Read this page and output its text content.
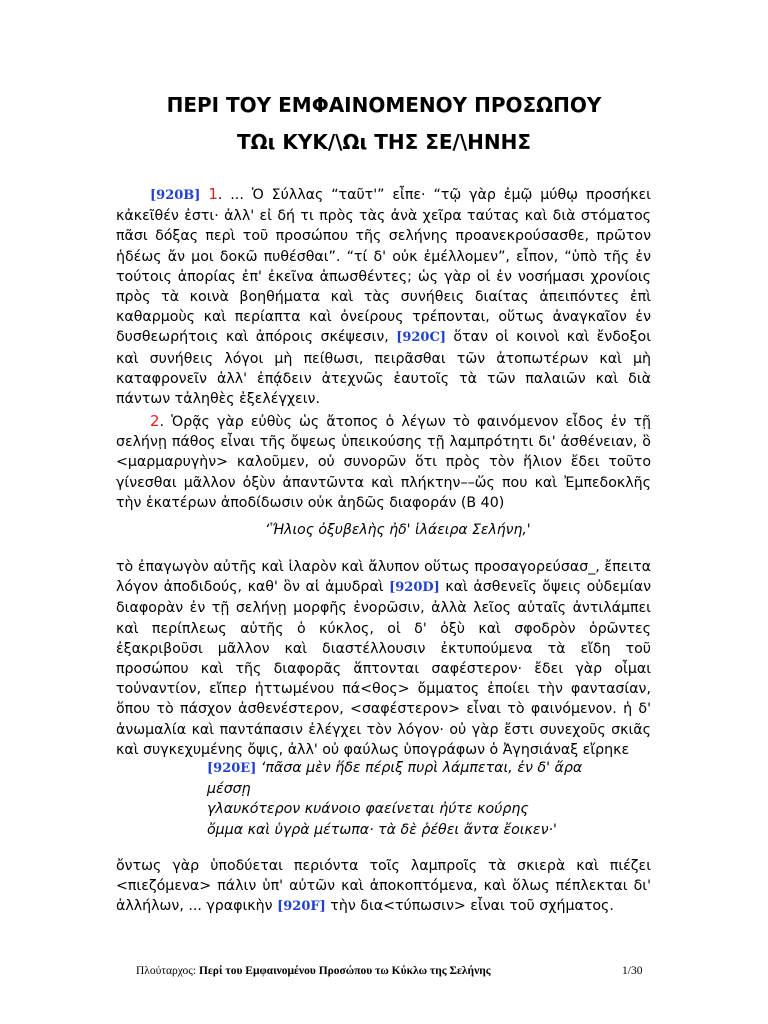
ΠΕΡΙ ΤΟΥ ΕΜΦΑΙΝΟΜΕΝΟΥ ΠΡΟΣΩΠΟΥ
ΤΩι ΚΥΚ/\Ωι ΤΗΣ ΣΕ/\ΗΝΗΣ
[920B] 1. ... Ὁ Σύλλας “ταῦτ'” εἶπε· “τῷ γὰρ ἐμῷ μύθῳ προσήκει κἀκεῖθέν ἐστι· ἀλλ' εἰ δή τι πρὸς τὰς ἀνὰ χεῖρα ταύτας καὶ διὰ στόματος πᾶσι δόξας περὶ τοῦ προσώπου τῆς σελήνης προανεκρούσασθε, πρῶτον ἡδέως ἄν μοι δοκῶ πυθέσθαι”. “τί δ' οὐκ ἐμέλλομεν”, εἶπον, “ὑπὸ τῆς ἐν τούτοις ἀπορίας ἐπ' ἐκεῖνα ἀπωσθέντες; ὡς γὰρ οἱ ἐν νοσήμασι χρονίοις πρὸς τὰ κοινὰ βοηθήματα καὶ τὰς συνήθεις διαίτας ἀπειπόντες ἐπὶ καθαρμοὺς καὶ περίαπτα καὶ ὀνείρους τρέπονται, οὕτως ἀναγκαῖον ἐν δυσθεωρήτοις καὶ ἀπόροις σκέψεσιν, [920C] ὅταν οἱ κοινοὶ καὶ ἔνδοξοι καὶ συνήθεις λόγοι μὴ πείθωσι, πειρᾶσθαι τῶν ἀτοπωτέρων καὶ μὴ καταφρονεῖν ἀλλ' ἐπᾴδειν ἀτεχνῶς ἑαυτοῖς τὰ τῶν παλαιῶν καὶ διὰ πάντων τἀληθὲς ἐξελέγχειν.
2. Ὁρᾷς γὰρ εὐθὺς ὡς ἄτοπος ὁ λέγων τὸ φαινόμενον εἶδος ἐν τῇ σελήνῃ πάθος εἶναι τῆς ὄψεως ὑπεικούσης τῇ λαμπρότητι δι' ἀσθένειαν, ὃ <μαρμαρυγὴν> καλοῦμεν, οὐ συνορῶν ὅτι πρὸς τὸν ἥλιον ἔδει τοῦτο γίνεσθαι μᾶλλον ὀξὺν ἀπαντῶντα καὶ πλήκτην––ὥς που καὶ Ἐμπεδοκλῆς τὴν ἑκατέρων ἀποδίδωσιν οὐκ ἀηδῶς διαφοράν (B 40)
‘Ἥλιος ὀξυβελὴς ἠδ' ἱλάειρα Σελήνη,'
τὸ ἐπαγωγὸν αὐτῆς καὶ ἱλαρὸν καὶ ἄλυπον οὕτως προσαγορεύσασ_, ἔπειτα λόγον ἀποδιδούς, καθ' ὃν αἱ ἀμυδραὶ [920D] καὶ ἀσθενεῖς ὄψεις οὐδεμίαν διαφορὰν ἐν τῇ σελήνῃ μορφῆς ἐνορῶσιν, ἀλλὰ λεῖος αὐταῖς ἀντιλάμπει καὶ περίπλεως αὐτῆς ὁ κύκλος, οἱ δ' ὀξὺ καὶ σφοδρὸν ὁρῶντες ἐξακριβοῦσι μᾶλλον καὶ διαστέλλουσιν ἐκτυπούμενα τὰ εἴδη τοῦ προσώπου καὶ τῆς διαφορᾶς ἅπτονται σαφέστερον· ἔδει γὰρ οἶμαι τοὐναντίον, εἴπερ ἡττωμένου πά<θος> ὄμματος ἐποίει τὴν φαντασίαν, ὅπου τὸ πάσχον ἀσθενέστερον, <σαφέστερον> εἶναι τὸ φαινόμενον. ἡ δ' ἀνωμαλία καὶ παντάπασιν ἐλέγχει τὸν λόγον· οὐ γὰρ ἔστι συνεχοῦς σκιᾶς καὶ συγκεχυμένης ὄψις, ἀλλ' οὐ φαύλως ὑπογράφων ὁ Ἀγησιάναξ εἴρηκε
[920E] ‘πᾶσα μὲν ἥδε πέριξ πυρὶ λάμπεται, ἐν δ' ἄρα μέσσῃ
γλαυκότερον κυάνοιο φαείνεται ἠύτε κούρης
ὄμμα καὶ ὑγρὰ μέτωπα· τὰ δὲ ῥέθει ἄντα ἔοικεν·'
ὄντως γὰρ ὑποδύεται περιόντα τοῖς λαμπροῖς τὰ σκιερὰ καὶ πιέζει <πιεζόμενα> πάλιν ὑπ' αὐτῶν καὶ ἀποκοπτόμενα, καὶ ὅλως πέπλεκται δι' ἀλλήλων, ... γραφικὴν [920F] τὴν δια<τύπωσιν> εἶναι τοῦ σχήματος.
Πλούταρχος: Περί του Εμφαινομένου Προσώπου τω Κύκλω της Σελήνης	1/30
